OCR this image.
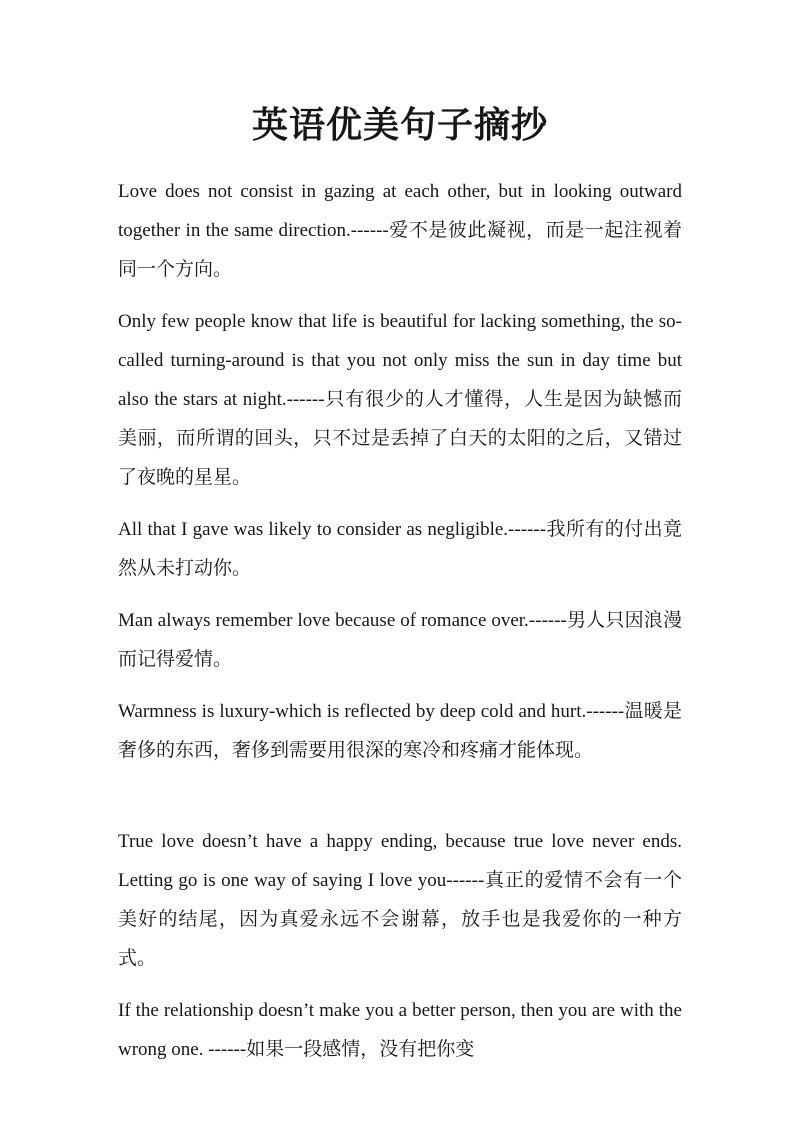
英语优美句子摘抄

Love does not consist in gazing at each other, but in looking outward together in the same direction.------爱不是彼此凝视，而是一起注视着同一个方向。

Only few people know that life is beautiful for lacking something, the so-called turning-around is that you not only miss the sun in day time but also the stars at night.------只有很少的人才懂得，人生是因为缺憾而美丽，而所谓的回头，只不过是丢掉了白天的太阳的之后，又错过了夜晚的星星。

All that I gave was likely to consider as negligible.------我所有的付出竟然从未打动你。

Man always remember love because of romance over.------男人只因浪漫而记得爱情。

Warmness is luxury-which is reflected by deep cold and hurt.------温暖是奢侈的东西，奢侈到需要用很深的寒冷和疼痛才能体现。

True love doesn’t have a happy ending, because true love never ends. Letting go is one way of saying I love you------真正的爱情不会有一个美好的结尾，因为真爱永远不会谢幕，放手也是我爱你的一种方式。

If the relationship doesn’t make you a better person, then you are with the wrong one. ------如果一段感情，没有把你变
